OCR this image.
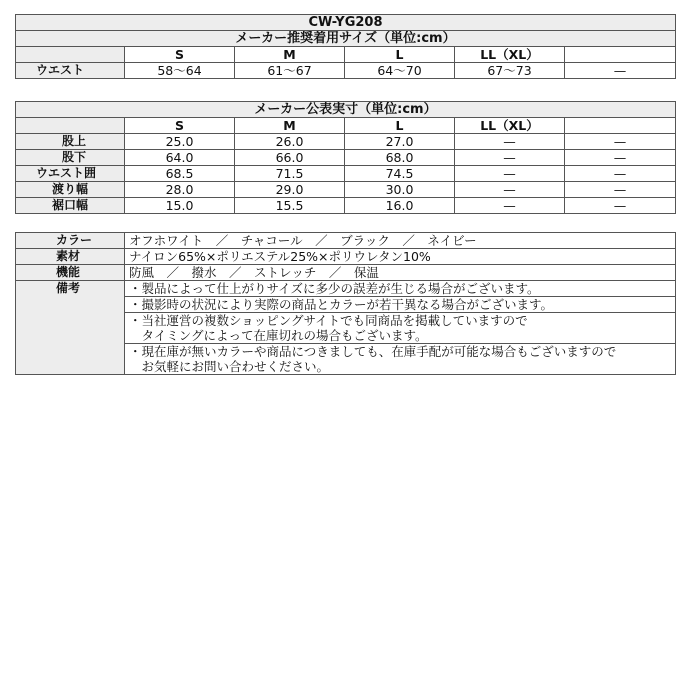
CW-YG208					
メーカー推奨着用サイズ（単位:cm）					
	S	M	L	LL（XL）	
ウエスト	58〜64	61〜67	64〜70	67〜73	—
メーカー公表実寸（単位:cm）					
	S	M	L	LL（XL）	
股上	25.0	26.0	27.0	—	—
股下	64.0	66.0	68.0	—	—
ウエスト囲	68.5	71.5	74.5	—	—
渡り幅	28.0	29.0	30.0	—	—
裾口幅	15.0	15.5	16.0	—	—
カラー	オフホワイト　／　チャコール　／　ブラック　／　ネイビー
素材	ナイロン65%×ポリエステル25%×ポリウレタン10%
機能	防風　／　撥水　／　ストレッチ　／　保温
備考	・製品によって仕上がりサイズに多少の誤差が生じる場合がございます。

	・撮影時の状況により実際の商品とカラーが若干異なる場合がございます。

	・当社運営の複数ショッピングサイトでも同商品を掲載していますので
　タイミングによって在庫切れの場合もございます。

	・現在庫が無いカラーや商品につきましても、在庫手配が可能な場合もございますので
　お気軽にお問い合わせください。
